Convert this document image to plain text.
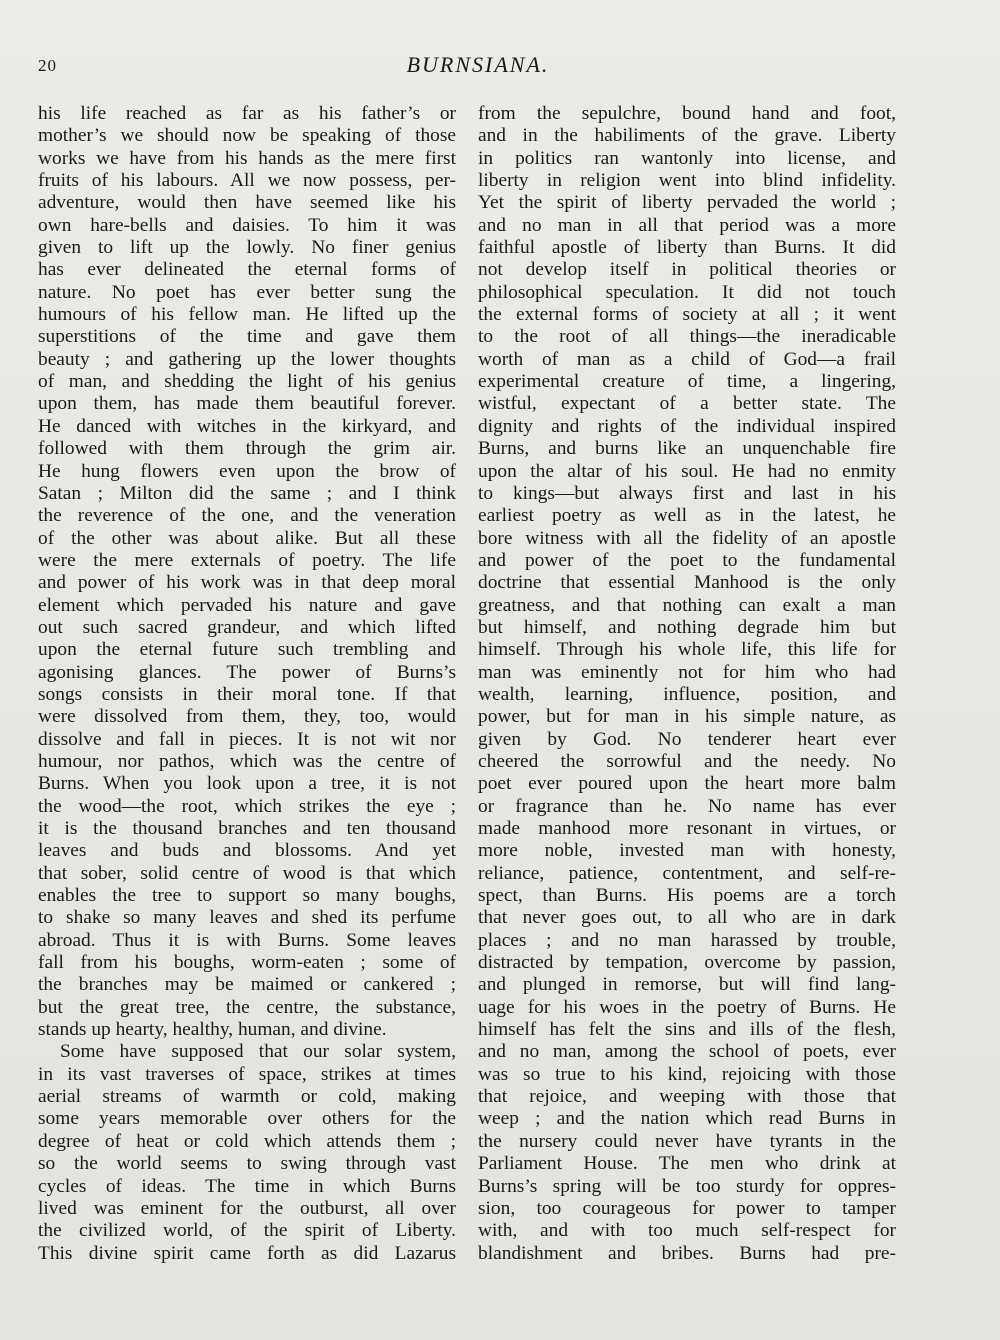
20	BURNSIANA.
his life reached as far as his father’s or
mother’s we should now be speaking of those
works we have from his hands as the mere first
fruits of his labours. All we now possess, per-
adventure, would then have seemed like his
own hare-bells and daisies. To him it was
given to lift up the lowly. No finer genius
has ever delineated the eternal forms of
nature. No poet has ever better sung the
humours of his fellow man. He lifted up the
superstitions of the time and gave them
beauty ; and gathering up the lower thoughts
of man, and shedding the light of his genius
upon them, has made them beautiful forever.
He danced with witches in the kirkyard, and
followed with them through the grim air.
He hung flowers even upon the brow of
Satan ; Milton did the same ; and I think
the reverence of the one, and the veneration
of the other was about alike. But all these
were the mere externals of poetry. The life
and power of his work was in that deep moral
element which pervaded his nature and gave
out such sacred grandeur, and which lifted
upon the eternal future such trembling and
agonising glances. The power of Burns’s
songs consists in their moral tone. If that
were dissolved from them, they, too, would
dissolve and fall in pieces. It is not wit nor
humour, nor pathos, which was the centre of
Burns. When you look upon a tree, it is not
the wood—the root, which strikes the eye ;
it is the thousand branches and ten thousand
leaves and buds and blossoms. And yet
that sober, solid centre of wood is that which
enables the tree to support so many boughs,
to shake so many leaves and shed its perfume
abroad. Thus it is with Burns. Some leaves
fall from his boughs, worm-eaten ; some of
the branches may be maimed or cankered ;
but the great tree, the centre, the substance,
stands up hearty, healthy, human, and divine.
Some have supposed that our solar system,
in its vast traverses of space, strikes at times
aerial streams of warmth or cold, making
some years memorable over others for the
degree of heat or cold which attends them ;
so the world seems to swing through vast
cycles of ideas. The time in which Burns
lived was eminent for the outburst, all over
the civilized world, of the spirit of Liberty.
This divine spirit came forth as did Lazarus
from the sepulchre, bound hand and foot,
and in the habiliments of the grave. Liberty
in politics ran wantonly into license, and
liberty in religion went into blind infidelity.
Yet the spirit of liberty pervaded the world ;
and no man in all that period was a more
faithful apostle of liberty than Burns. It did
not develop itself in political theories or
philosophical speculation. It did not touch
the external forms of society at all ; it went
to the root of all things—the ineradicable
worth of man as a child of God—a frail
experimental creature of time, a lingering,
wistful, expectant of a better state. The
dignity and rights of the individual inspired
Burns, and burns like an unquenchable fire
upon the altar of his soul. He had no enmity
to kings—but always first and last in his
earliest poetry as well as in the latest, he
bore witness with all the fidelity of an apostle
and power of the poet to the fundamental
doctrine that essential Manhood is the only
greatness, and that nothing can exalt a man
but himself, and nothing degrade him but
himself. Through his whole life, this life for
man was eminently not for him who had
wealth, learning, influence, position, and
power, but for man in his simple nature, as
given by God. No tenderer heart ever
cheered the sorrowful and the needy. No
poet ever poured upon the heart more balm
or fragrance than he. No name has ever
made manhood more resonant in virtues, or
more noble, invested man with honesty,
reliance, patience, contentment, and self-re-
spect, than Burns. His poems are a torch
that never goes out, to all who are in dark
places ; and no man harassed by trouble,
distracted by tempation, overcome by passion,
and plunged in remorse, but will find lang-
uage for his woes in the poetry of Burns. He
himself has felt the sins and ills of the flesh,
and no man, among the school of poets, ever
was so true to his kind, rejoicing with those
that rejoice, and weeping with those that
weep ; and the nation which read Burns in
the nursery could never have tyrants in the
Parliament House. The men who drink at
Burns’s spring will be too sturdy for oppres-
sion, too courageous for power to tamper
with, and with too much self-respect for
blandishment and bribes. Burns had pre-
